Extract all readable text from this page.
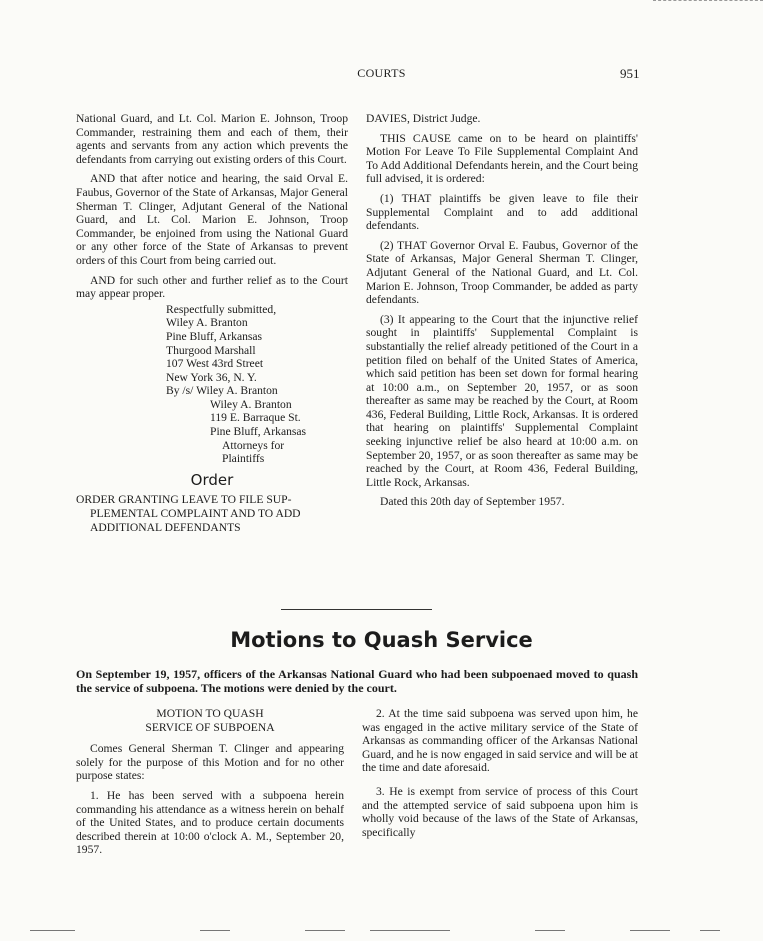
COURTS	951

National Guard, and Lt. Col. Marion E. Johnson, Troop Commander, restraining them and each of them, their agents and servants from any action which prevents the defendants from carrying out existing orders of this Court.

AND that after notice and hearing, the said Orval E. Faubus, Governor of the State of Arkansas, Major General Sherman T. Clinger, Adjutant General of the National Guard, and Lt. Col. Marion E. Johnson, Troop Commander, be enjoined from using the National Guard or any other force of the State of Arkansas to prevent orders of this Court from being carried out.

AND for such other and further relief as to the Court may appear proper.

Respectfully submitted,
Wiley A. Branton
Pine Bluff, Arkansas
Thurgood Marshall
107 West 43rd Street
New York 36, N. Y.
By /s/ Wiley A. Branton
Wiley A. Branton
119 E. Barraque St.
Pine Bluff, Arkansas
Attorneys for
Plaintiffs
Order
ORDER GRANTING LEAVE TO FILE SUP-
PLEMENTAL COMPLAINT AND TO ADD
ADDITIONAL DEFENDANTS

DAVIES, District Judge.

THIS CAUSE came on to be heard on plaintiffs' Motion For Leave To File Supplemental Complaint And To Add Additional Defendants herein, and the Court being full advised, it is ordered:

(1) THAT plaintiffs be given leave to file their Supplemental Complaint and to add additional defendants.

(2) THAT Governor Orval E. Faubus, Governor of the State of Arkansas, Major General Sherman T. Clinger, Adjutant General of the National Guard, and Lt. Col. Marion E. Johnson, Troop Commander, be added as party defendants.

(3) It appearing to the Court that the injunctive relief sought in plaintiffs' Supplemental Complaint is substantially the relief already petitioned of the Court in a petition filed on behalf of the United States of America, which said petition has been set down for formal hearing at 10:00 a.m., on September 20, 1957, or as soon thereafter as same may be reached by the Court, at Room 436, Federal Building, Little Rock, Arkansas. It is ordered that hearing on plaintiffs' Supplemental Complaint seeking injunctive relief be also heard at 10:00 a.m. on September 20, 1957, or as soon thereafter as same may be reached by the Court, at Room 436, Federal Building, Little Rock, Arkansas.

Dated this 20th day of September 1957.

Motions to Quash Service
On September 19, 1957, officers of the Arkansas National Guard who had been subpoenaed moved to quash the service of subpoena. The motions were denied by the court.
MOTION TO QUASH
SERVICE OF SUBPOENA

Comes General Sherman T. Clinger and appearing solely for the purpose of this Motion and for no other purpose states:

1. He has been served with a subpoena herein commanding his attendance as a witness herein on behalf of the United States, and to produce certain documents described therein at 10:00 o'clock A. M., September 20, 1957.

2. At the time said subpoena was served upon him, he was engaged in the active military service of the State of Arkansas as commanding officer of the Arkansas National Guard, and he is now engaged in said service and will be at the time and date aforesaid.

3. He is exempt from service of process of this Court and the attempted service of said subpoena upon him is wholly void because of the laws of the State of Arkansas, specifically
